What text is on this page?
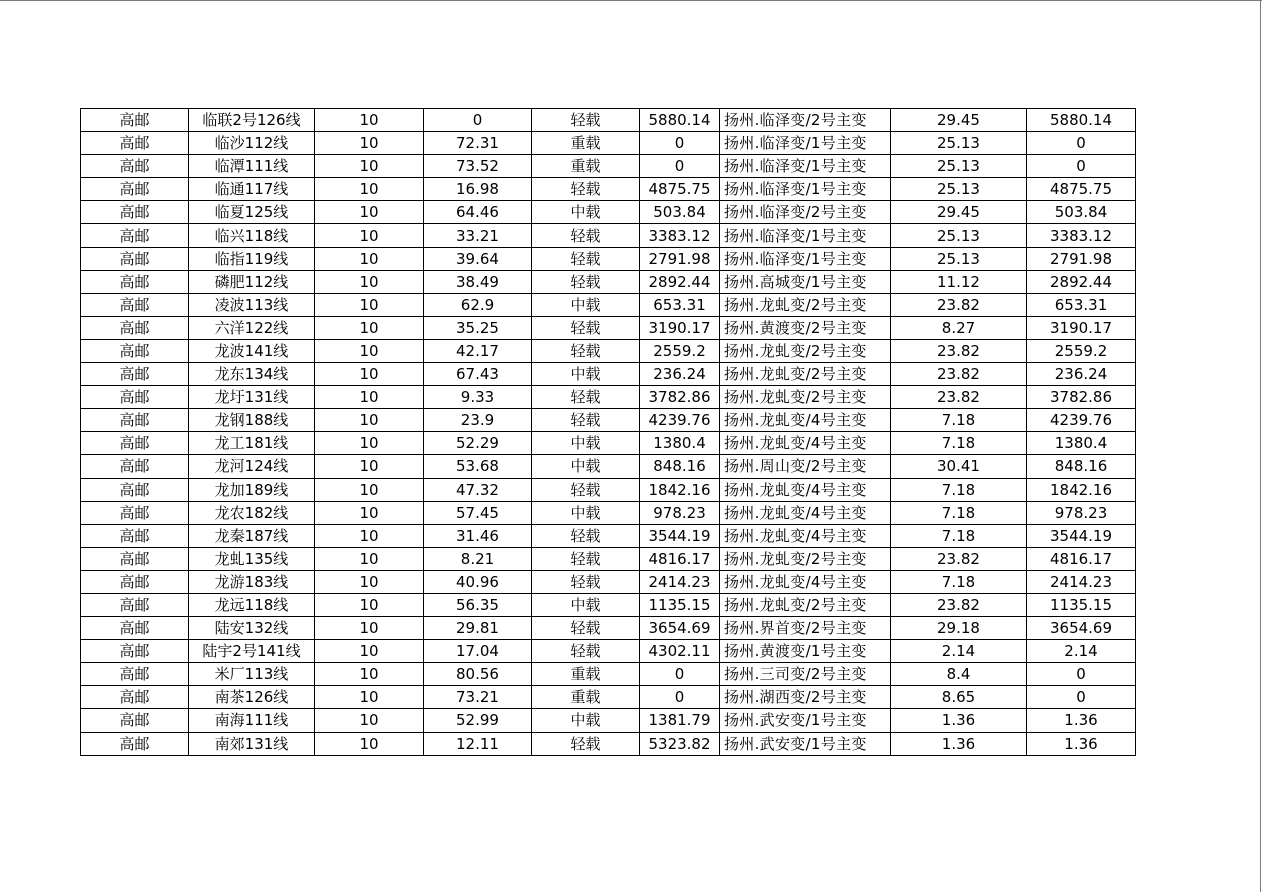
高邮	临联2号126线	10	0	轻载	5880.14	扬州.临泽变/2号主变	29.45	5880.14
高邮	临沙112线	10	72.31	重载	0	扬州.临泽变/1号主变	25.13	0
高邮	临潭111线	10	73.52	重载	0	扬州.临泽变/1号主变	25.13	0
高邮	临通117线	10	16.98	轻载	4875.75	扬州.临泽变/1号主变	25.13	4875.75
高邮	临夏125线	10	64.46	中载	503.84	扬州.临泽变/2号主变	29.45	503.84
高邮	临兴118线	10	33.21	轻载	3383.12	扬州.临泽变/1号主变	25.13	3383.12
高邮	临指119线	10	39.64	轻载	2791.98	扬州.临泽变/1号主变	25.13	2791.98
高邮	磷肥112线	10	38.49	轻载	2892.44	扬州.高城变/1号主变	11.12	2892.44
高邮	凌波113线	10	62.9	中载	653.31	扬州.龙虬变/2号主变	23.82	653.31
高邮	六洋122线	10	35.25	轻载	3190.17	扬州.黄渡变/2号主变	8.27	3190.17
高邮	龙波141线	10	42.17	轻载	2559.2	扬州.龙虬变/2号主变	23.82	2559.2
高邮	龙东134线	10	67.43	中载	236.24	扬州.龙虬变/2号主变	23.82	236.24
高邮	龙圩131线	10	9.33	轻载	3782.86	扬州.龙虬变/2号主变	23.82	3782.86
高邮	龙钢188线	10	23.9	轻载	4239.76	扬州.龙虬变/4号主变	7.18	4239.76
高邮	龙工181线	10	52.29	中载	1380.4	扬州.龙虬变/4号主变	7.18	1380.4
高邮	龙河124线	10	53.68	中载	848.16	扬州.周山变/2号主变	30.41	848.16
高邮	龙加189线	10	47.32	轻载	1842.16	扬州.龙虬变/4号主变	7.18	1842.16
高邮	龙农182线	10	57.45	中载	978.23	扬州.龙虬变/4号主变	7.18	978.23
高邮	龙秦187线	10	31.46	轻载	3544.19	扬州.龙虬变/4号主变	7.18	3544.19
高邮	龙虬135线	10	8.21	轻载	4816.17	扬州.龙虬变/2号主变	23.82	4816.17
高邮	龙游183线	10	40.96	轻载	2414.23	扬州.龙虬变/4号主变	7.18	2414.23
高邮	龙远118线	10	56.35	中载	1135.15	扬州.龙虬变/2号主变	23.82	1135.15
高邮	陆安132线	10	29.81	轻载	3654.69	扬州.界首变/2号主变	29.18	3654.69
高邮	陆宇2号141线	10	17.04	轻载	4302.11	扬州.黄渡变/1号主变	2.14	2.14
高邮	米厂113线	10	80.56	重载	0	扬州.三司变/2号主变	8.4	0
高邮	南茶126线	10	73.21	重载	0	扬州.湖西变/2号主变	8.65	0
高邮	南海111线	10	52.99	中载	1381.79	扬州.武安变/1号主变	1.36	1.36
高邮	南郊131线	10	12.11	轻载	5323.82	扬州.武安变/1号主变	1.36	1.36
